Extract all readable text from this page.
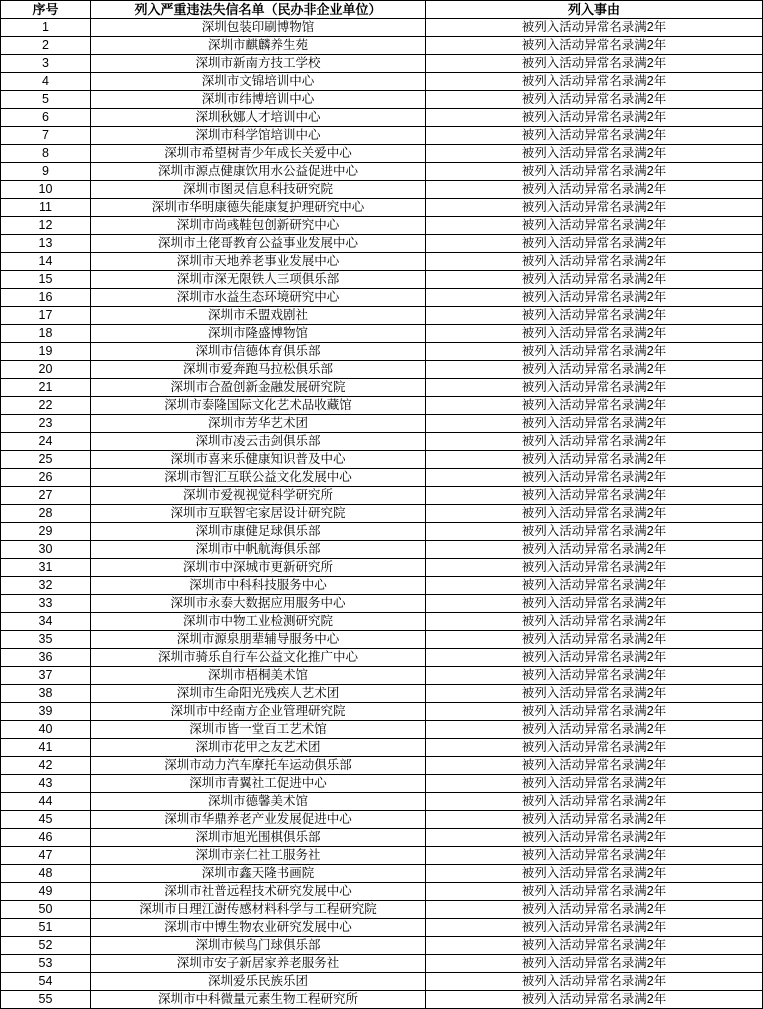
序号	列入严重违法失信名单（民办非企业单位）	列入事由
1	深圳包装印刷博物馆	被列入活动异常名录满2年
2	深圳市麒麟养生苑	被列入活动异常名录满2年
3	深圳市新南方技工学校	被列入活动异常名录满2年
4	深圳市文锦培训中心	被列入活动异常名录满2年
5	深圳市纬博培训中心	被列入活动异常名录满2年
6	深圳秋娜人才培训中心	被列入活动异常名录满2年
7	深圳市科学馆培训中心	被列入活动异常名录满2年
8	深圳市希望树青少年成长关爱中心	被列入活动异常名录满2年
9	深圳市源点健康饮用水公益促进中心	被列入活动异常名录满2年
10	深圳市图灵信息科技研究院	被列入活动异常名录满2年
11	深圳市华明康德失能康复护理研究中心	被列入活动异常名录满2年
12	深圳市尚彧鞋包创新研究中心	被列入活动异常名录满2年
13	深圳市土佬哥教育公益事业发展中心	被列入活动异常名录满2年
14	深圳市天地养老事业发展中心	被列入活动异常名录满2年
15	深圳市深无限铁人三项俱乐部	被列入活动异常名录满2年
16	深圳市水益生态环境研究中心	被列入活动异常名录满2年
17	深圳市禾盟戏剧社	被列入活动异常名录满2年
18	深圳市隆盛博物馆	被列入活动异常名录满2年
19	深圳市信德体育俱乐部	被列入活动异常名录满2年
20	深圳市爱奔跑马拉松俱乐部	被列入活动异常名录满2年
21	深圳市合盈创新金融发展研究院	被列入活动异常名录满2年
22	深圳市泰隆国际文化艺术品收藏馆	被列入活动异常名录满2年
23	深圳市芳华艺术团	被列入活动异常名录满2年
24	深圳市凌云击剑俱乐部	被列入活动异常名录满2年
25	深圳市喜来乐健康知识普及中心	被列入活动异常名录满2年
26	深圳市智汇互联公益文化发展中心	被列入活动异常名录满2年
27	深圳市爱视视觉科学研究所	被列入活动异常名录满2年
28	深圳市互联智宅家居设计研究院	被列入活动异常名录满2年
29	深圳市康健足球俱乐部	被列入活动异常名录满2年
30	深圳市中帆航海俱乐部	被列入活动异常名录满2年
31	深圳市中深城市更新研究所	被列入活动异常名录满2年
32	深圳市中科科技服务中心	被列入活动异常名录满2年
33	深圳市永泰大数据应用服务中心	被列入活动异常名录满2年
34	深圳市中物工业检测研究院	被列入活动异常名录满2年
35	深圳市源泉朋辈辅导服务中心	被列入活动异常名录满2年
36	深圳市骑乐自行车公益文化推广中心	被列入活动异常名录满2年
37	深圳市梧桐美术馆	被列入活动异常名录满2年
38	深圳市生命阳光残疾人艺术团	被列入活动异常名录满2年
39	深圳市中经南方企业管理研究院	被列入活动异常名录满2年
40	深圳市皆一堂百工艺术馆	被列入活动异常名录满2年
41	深圳市花甲之友艺术团	被列入活动异常名录满2年
42	深圳市动力汽车摩托车运动俱乐部	被列入活动异常名录满2年
43	深圳市青翼社工促进中心	被列入活动异常名录满2年
44	深圳市德馨美术馆	被列入活动异常名录满2年
45	深圳市华鼎养老产业发展促进中心	被列入活动异常名录满2年
46	深圳市旭光围棋俱乐部	被列入活动异常名录满2年
47	深圳市亲仁社工服务社	被列入活动异常名录满2年
48	深圳市鑫天隆书画院	被列入活动异常名录满2年
49	深圳市社普远程技术研究发展中心	被列入活动异常名录满2年
50	深圳市日理江澍传感材料科学与工程研究院	被列入活动异常名录满2年
51	深圳市中博生物农业研究发展中心	被列入活动异常名录满2年
52	深圳市候鸟门球俱乐部	被列入活动异常名录满2年
53	深圳市安子新居家养老服务社	被列入活动异常名录满2年
54	深圳爱乐民族乐团	被列入活动异常名录满2年
55	深圳市中科微量元素生物工程研究所	被列入活动异常名录满2年
